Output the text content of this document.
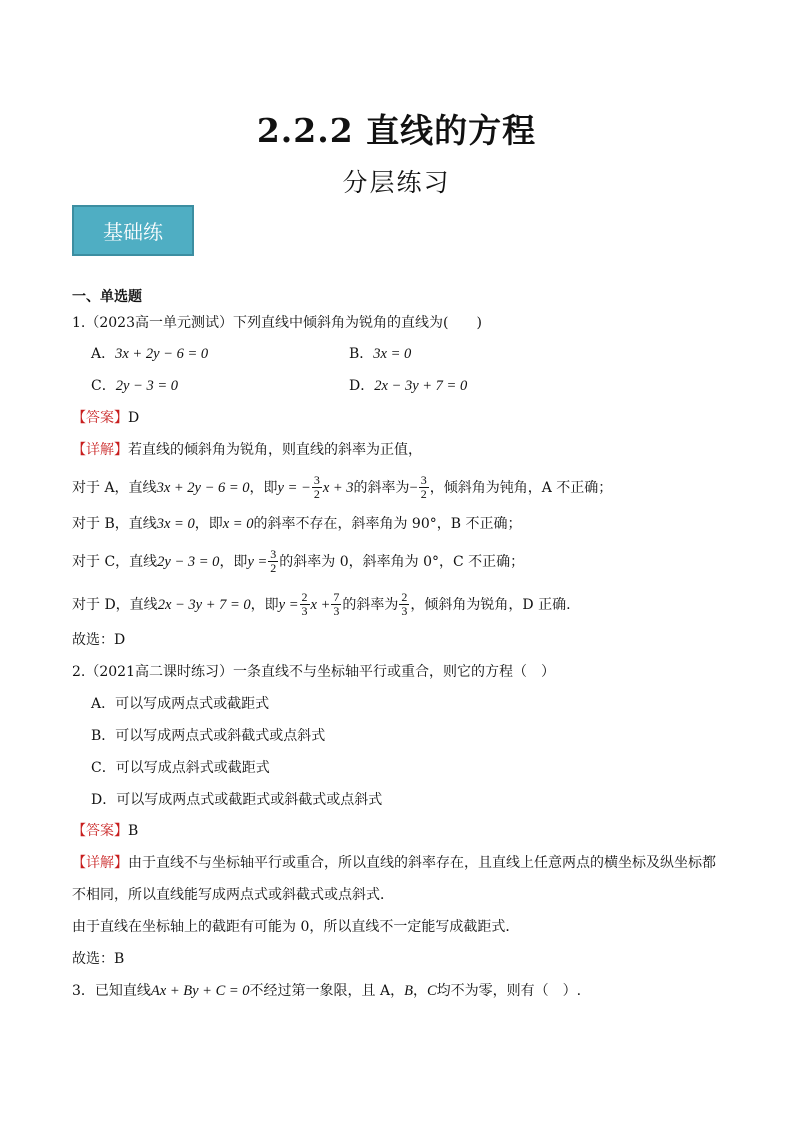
2.2.2 直线的方程
分层练习
基础练
一、单选题
1.（2023高一单元测试）下列直线中倾斜角为锐角的直线为(　　)
A． 3x + 2y − 6 = 0	B． 3x = 0
C． 2y − 3 = 0	D． 2x − 3y + 7 = 0
【答案】D
【详解】若直线的倾斜角为锐角，则直线的斜率为正值，
对于 A，直线 3x + 2y − 6 = 0 ，即 y = − $\frac{3}{2}$ x + 3 的斜率为 − $\frac{3}{2}$ ，倾斜角为钝角，A 不正确；
对于 B，直线 3x = 0 ，即 x = 0 的斜率不存在，斜率角为 90°，B 不正确；
对于 C，直线 2y − 3 = 0 ，即 $y = \frac{3}{2}$ 的斜率为 0，斜率角为 0°，C 不正确；
对于 D，直线 2x − 3y + 7 = 0 ，即 $y = \frac{2}{3}$ $x + \frac{7}{3}$ 的斜率为 $\frac{2}{3}$ ，倾斜角为锐角，D 正确.
故选：D
2.（2021高二课时练习）一条直线不与坐标轴平行或重合，则它的方程（　）
A．可以写成两点式或截距式
B．可以写成两点式或斜截式或点斜式
C．可以写成点斜式或截距式
D．可以写成两点式或截距式或斜截式或点斜式
【答案】B
【详解】由于直线不与坐标轴平行或重合，所以直线的斜率存在，且直线上任意两点的横坐标及纵坐标都
不相同，所以直线能写成两点式或斜截式或点斜式．
由于直线在坐标轴上的截距有可能为 0，所以直线不一定能写成截距式．
故选：B
3．已知直线 Ax + By + C = 0 不经过第一象限，且 A， B ， C 均不为零，则有（　）.
